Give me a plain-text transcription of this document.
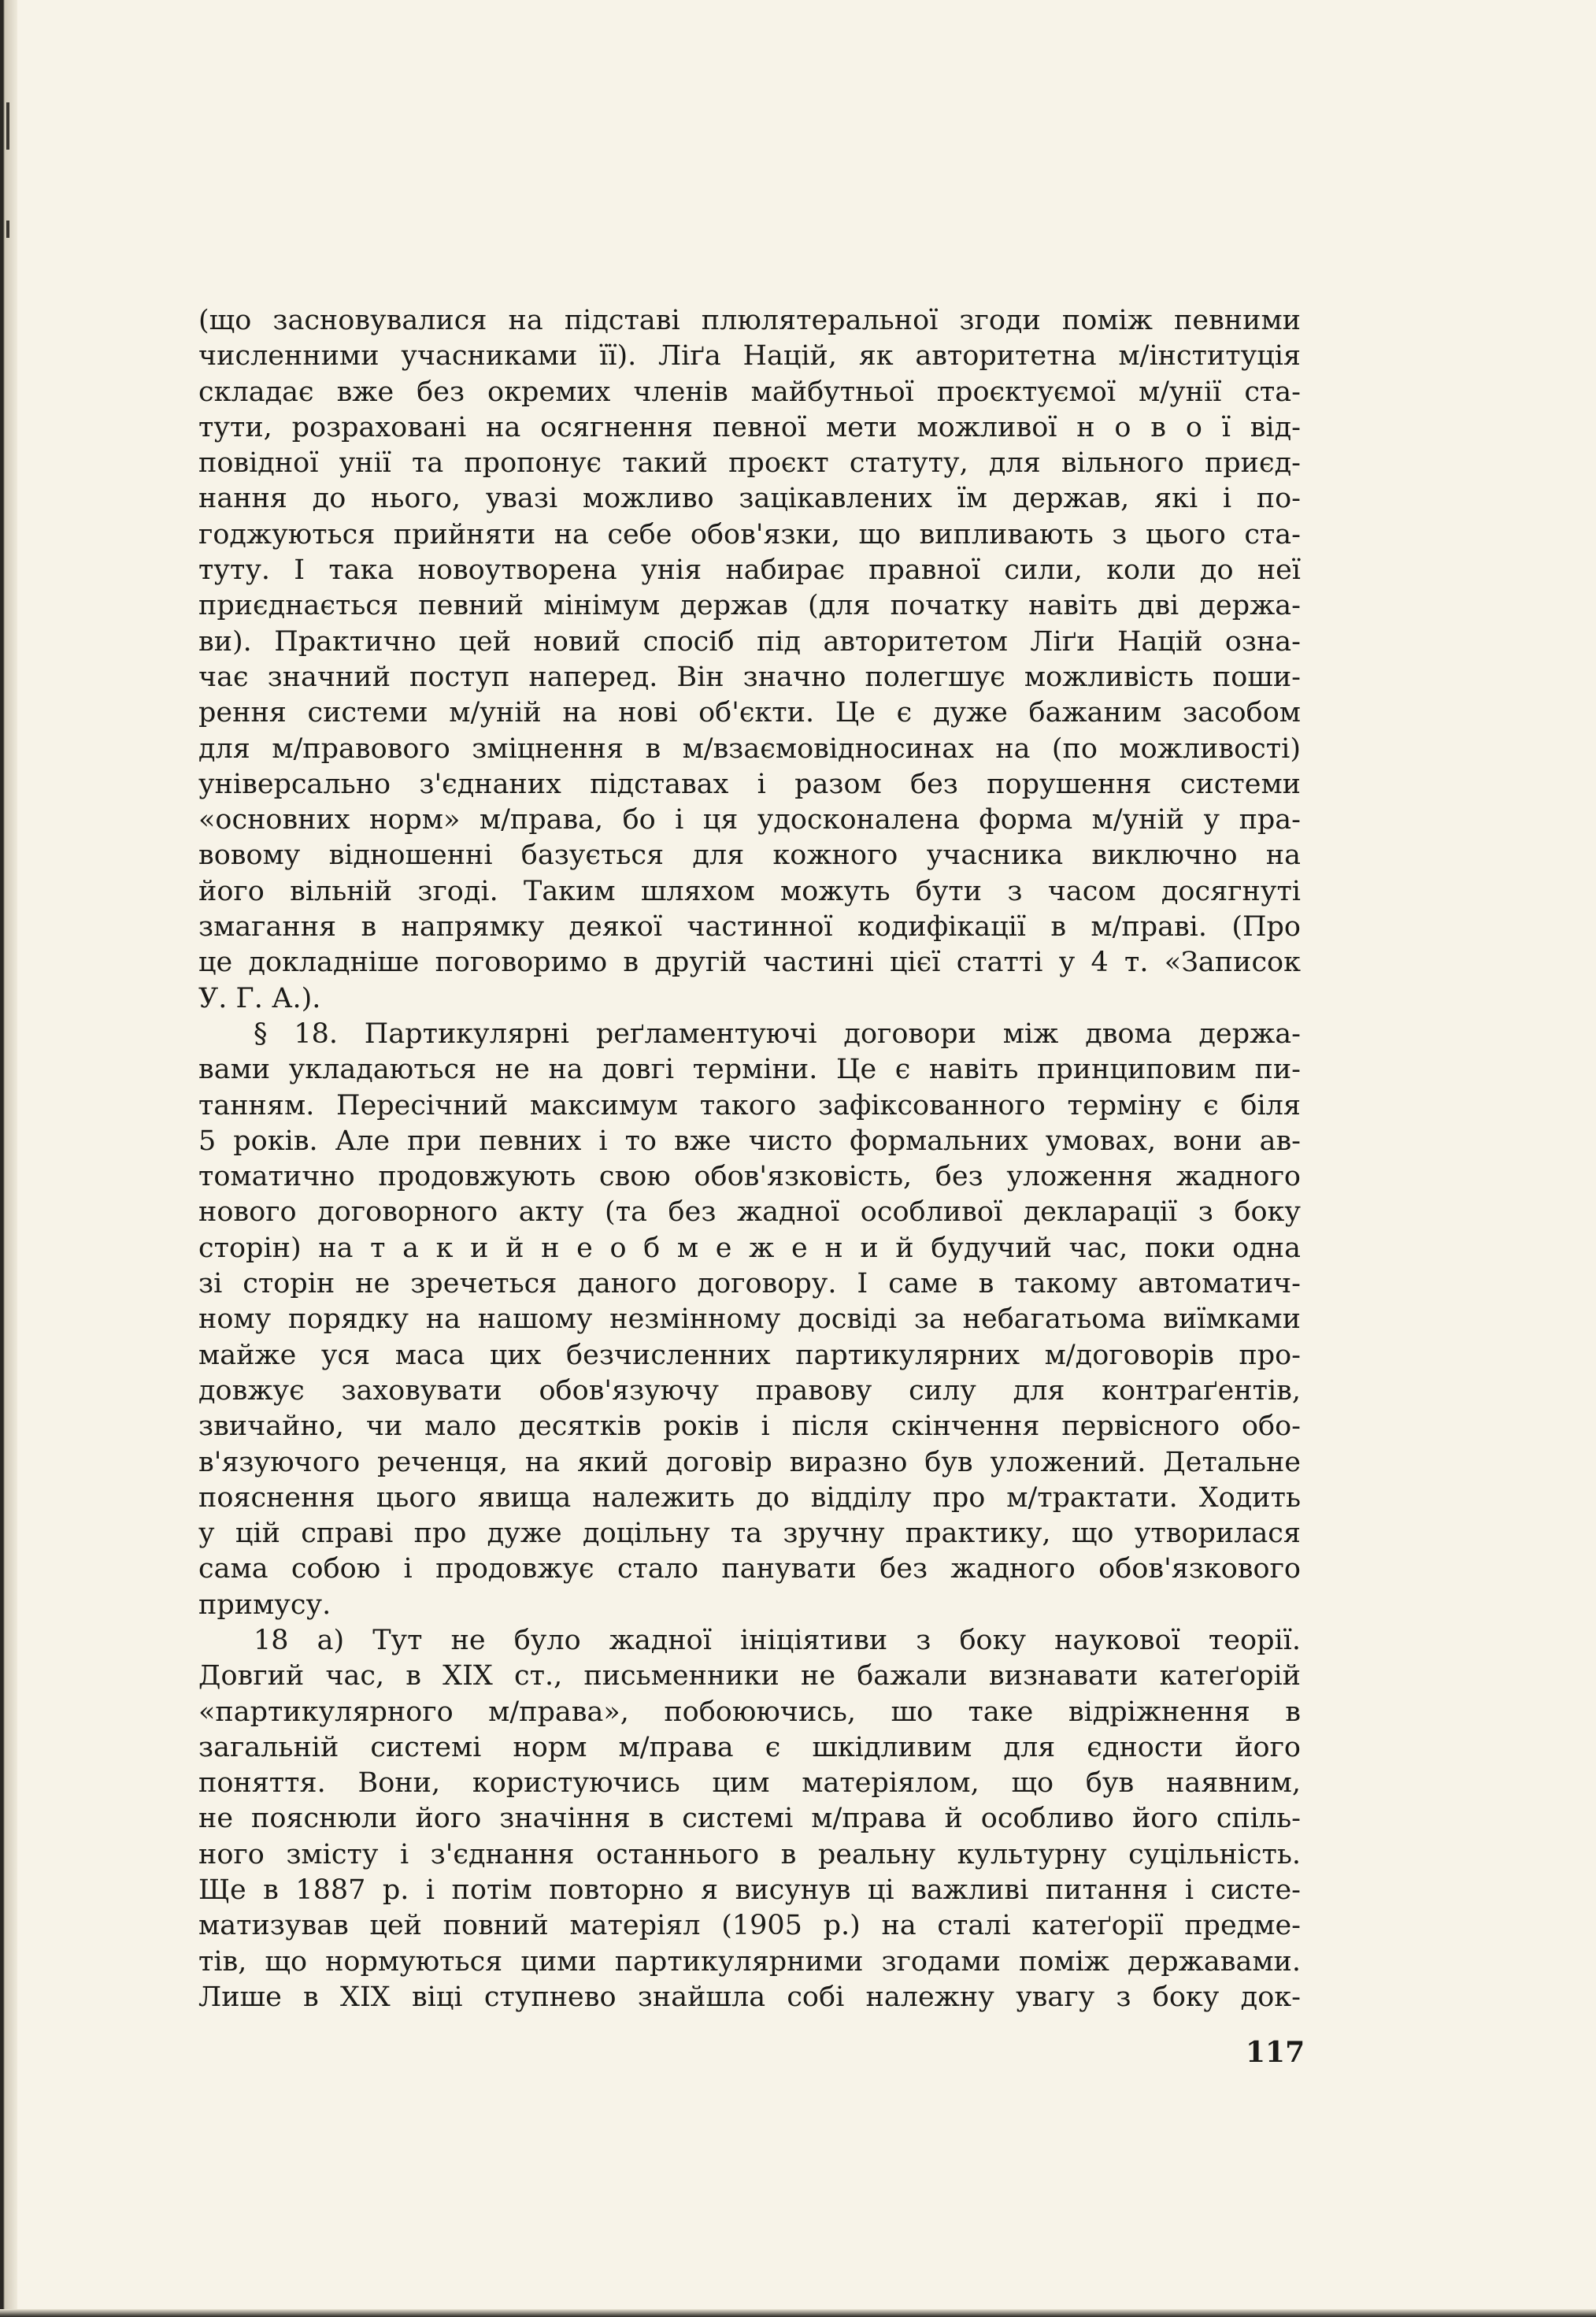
(що засновувалися на підставі плюлятеральної згоди поміж певними
численними учасниками її). Ліґа Націй, як авторитетна м/інституція
складає вже без окремих членів майбутньої проєктуємої м/унії ста-
тути, розраховані на осягнення певної мети можливої н о в о ї від-
повідної унії та пропонує такий проєкт статуту, для вільного приєд-
нання до нього, увазі можливо зацікавлених їм держав, які і по-
годжуються прийняти на себе обов'язки, що випливають з цього ста-
туту. І така новоутворена унія набирає правної сили, коли до неї
приєднається певний мінімум держав (для початку навіть дві держа-
ви). Практично цей новий спосіб під авторитетом Ліґи Націй озна-
чає значний поступ наперед. Він значно полегшує можливість поши-
рення системи м/уній на нові об'єкти. Це є дуже бажаним засобом
для м/правового зміцнення в м/взаємовідносинах на (по можливості)
універсально з'єднаних підставах і разом без порушення системи
«основних норм» м/права, бо і ця удосконалена форма м/уній у пра-
вовому відношенні базується для кожного учасника виключно на
його вільній згоді. Таким шляхом можуть бути з часом досягнуті
змагання в напрямку деякої частинної кодифікації в м/праві. (Про
це докладніше поговоримо в другій частині цієї статті у 4 т. «Записок
У. Г. А.).
§ 18. Партикулярні реґламентуючі договори між двома держа-
вами укладаються не на довгі терміни. Це є навіть принциповим пи-
танням. Пересічний максимум такого зафіксованного терміну є біля
5 років. Але при певних і то вже чисто формальних умовах, вони ав-
томатично продовжують свою обов'язковість, без уложення жадного
нового договорного акту (та без жадної особливої декларації з боку
сторін) на т а к и й н е о б м е ж е н и й будучий час, поки одна
зі сторін не зречеться даного договору. І саме в такому автоматич-
ному порядку на нашому незмінному досвіді за небагатьома виїмками
майже уся маса цих безчисленних партикулярних м/договорів про-
довжує заховувати обов'язуючу правову силу для контраґентів,
звичайно, чи мало десятків років і після скінчення первісного обо-
в'язуючого реченця, на який договір виразно був уложений. Детальне
пояснення цього явища належить до відділу про м/трактати. Ходить
у цій справі про дуже доцільну та зручну практику, що утворилася
сама собою і продовжує стало панувати без жадного обов'язкового
примусу.
18 а) Тут не було жадної ініціятиви з боку наукової теорії.
Довгий час, в XIX ст., письменники не бажали визнавати катеґорій
«партикулярного м/права», побоюючись, шо таке відріжнення в
загальній системі норм м/права є шкідливим для єдности його
поняття. Вони, користуючись цим матеріялом, що був наявним,
не пояснюли його значіння в системі м/права й особливо його спіль-
ного змісту і з'єднання останнього в реальну культурну суцільність.
Ще в 1887 р. і потім повторно я висунув ці важливі питання і систе-
матизував цей повний матеріял (1905 р.) на сталі катеґорії предме-
тів, що нормуються цими партикулярними згодами поміж державами.
Лише в XIX віці ступнево знайшла собі належну увагу з боку док-
117
